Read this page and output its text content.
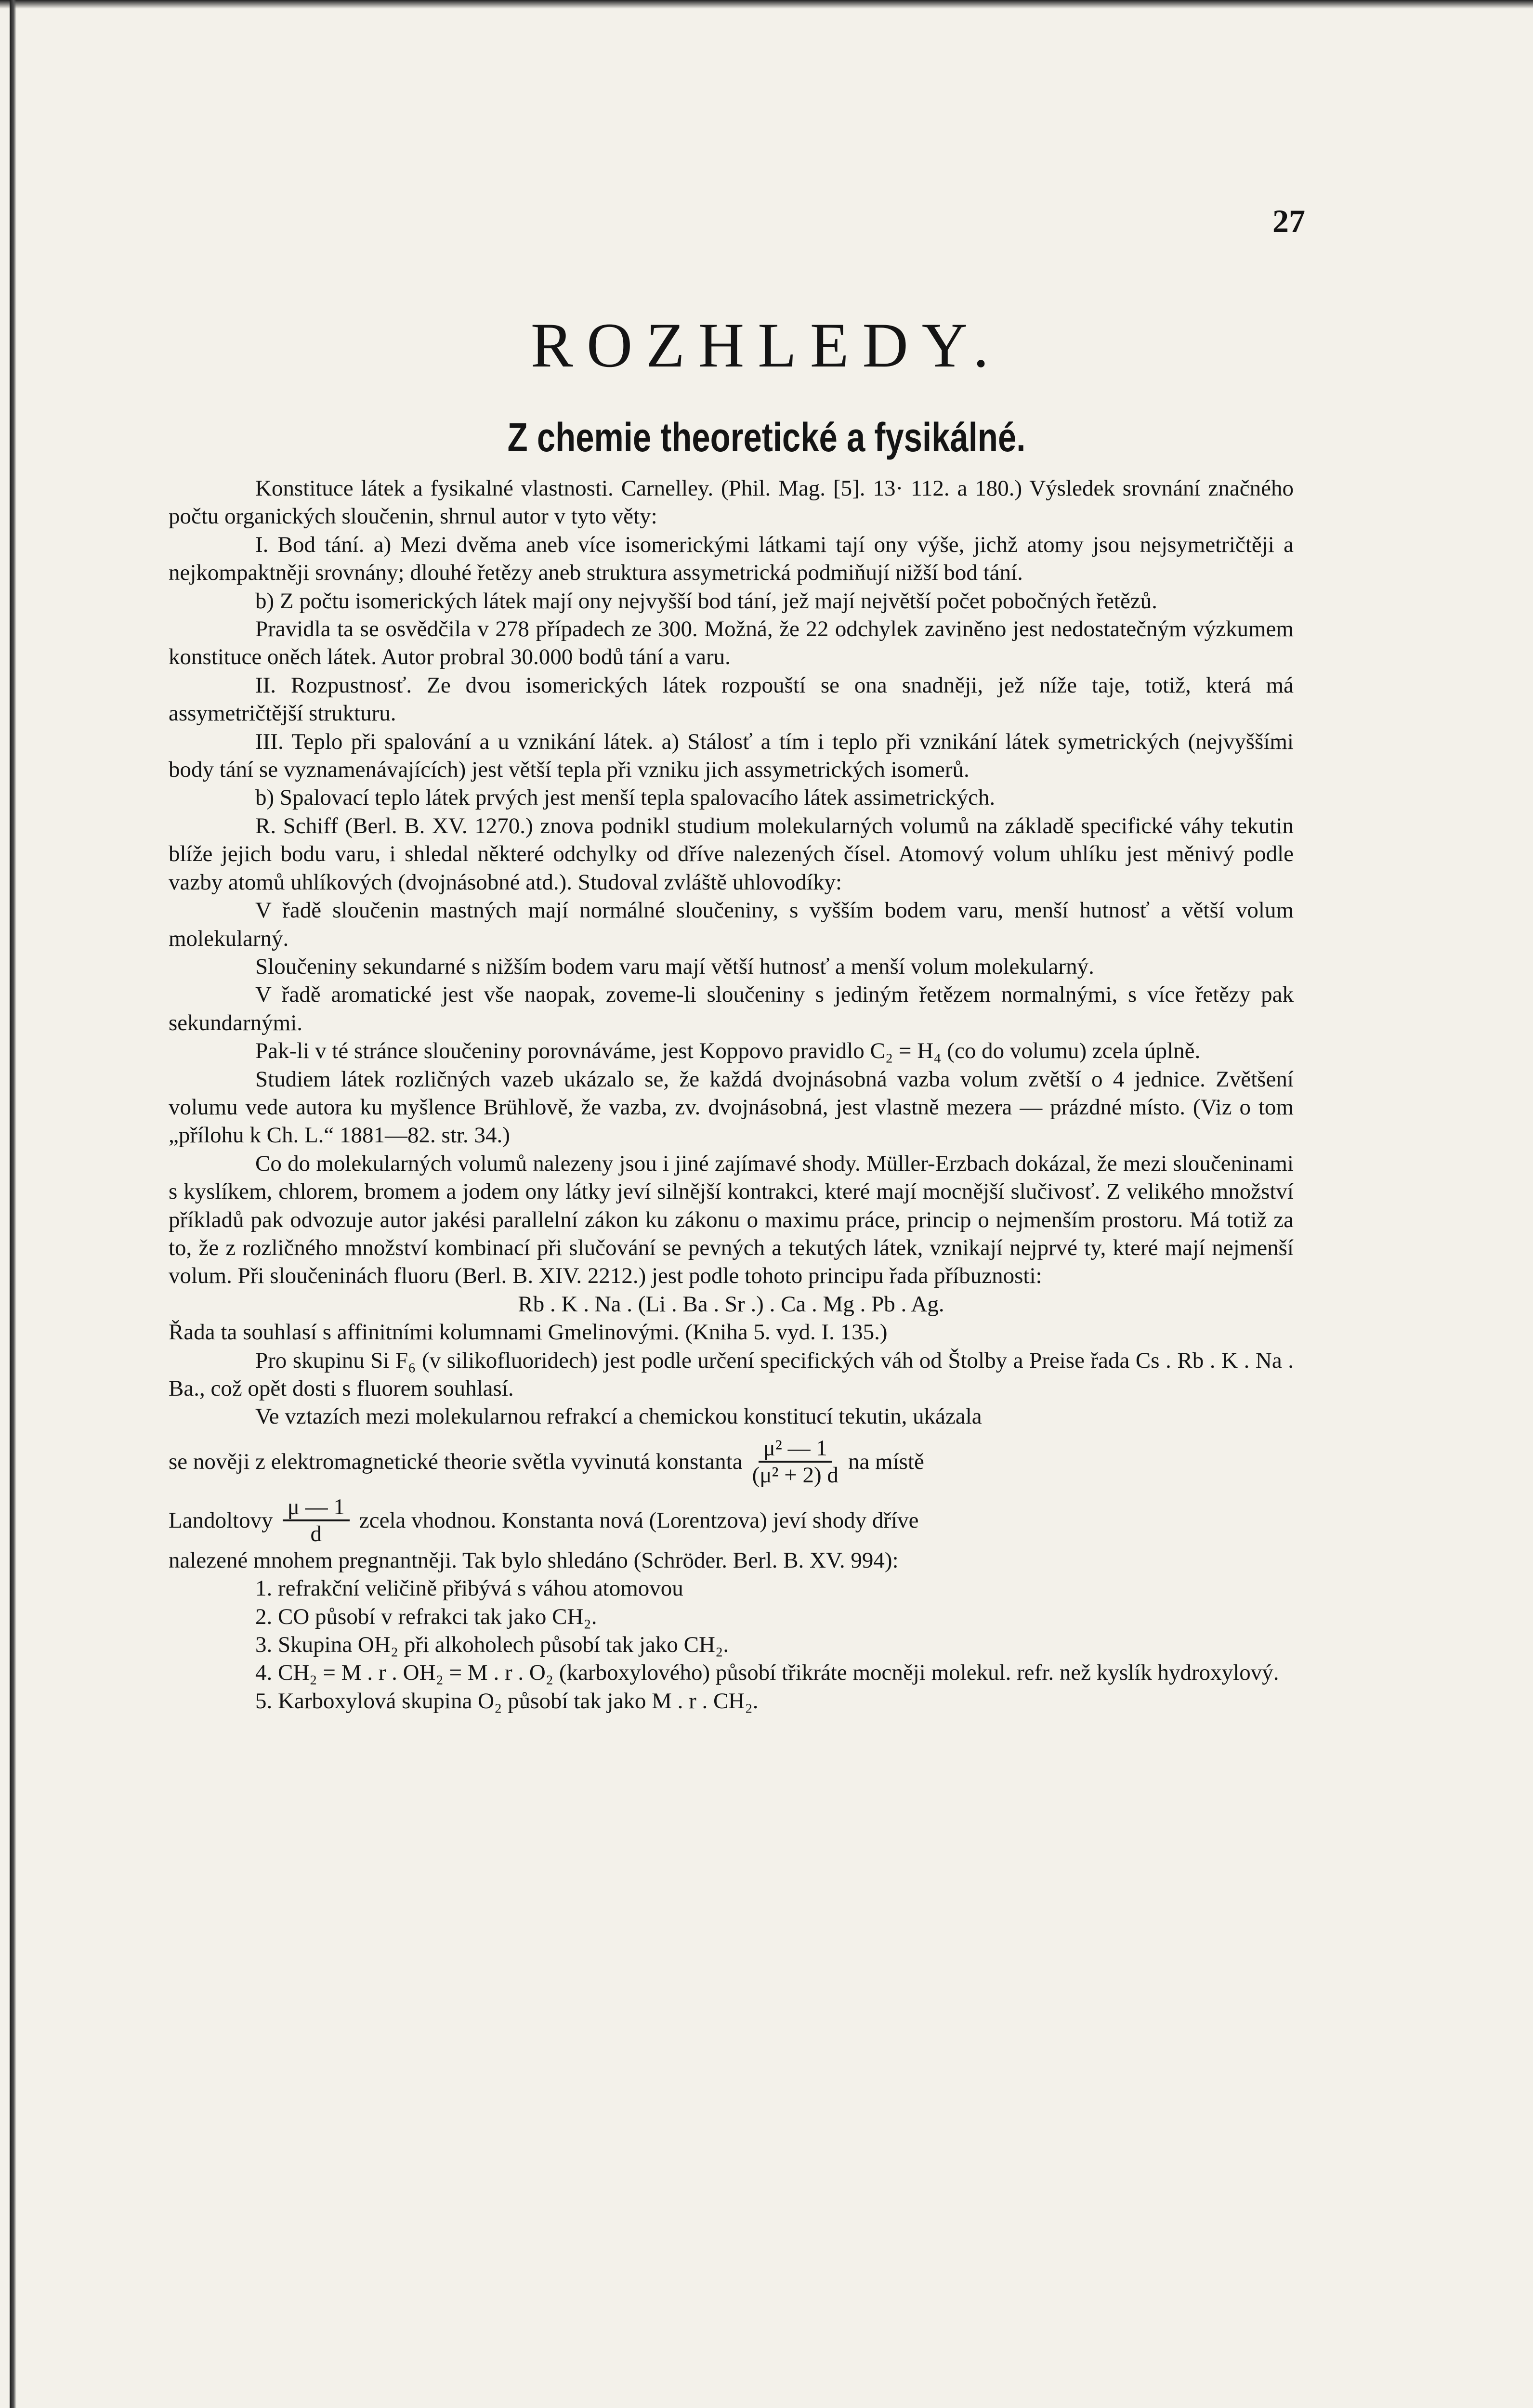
27
ROZHLEDY.
Z chemie theoretické a fysikálné.

Konstituce látek a fysikalné vlastnosti. Carnelley. (Phil. Mag. [5]. 13· 112. a 180.) Výsledek srovnání značného počtu organických sloučenin, shrnul autor v tyto věty:

I. Bod tání. a) Mezi dvěma aneb více isomerickými látkami tají ony výše, jichž atomy jsou nejsymetričtěji a nejkompaktněji srovnány; dlouhé řetězy aneb struktura assymetrická podmiňují nižší bod tání.

b) Z počtu isomerických látek mají ony nejvyšší bod tání, jež mají největší počet pobočných řetězů.

Pravidla ta se osvědčila v 278 případech ze 300. Možná, že 22 odchylek zaviněno jest nedostatečným výzkumem konstituce oněch látek. Autor probral 30.000 bodů tání a varu.

II. Rozpustnosť. Ze dvou isomerických látek rozpouští se ona snadněji, jež níže taje, totiž, která má assymetričtější strukturu.

III. Teplo při spalování a u vznikání látek. a) Stálosť a tím i teplo při vznikání látek symetrických (nejvyššími body tání se vyznamenávajících) jest větší tepla při vzniku jich assymetrických isomerů.

b) Spalovací teplo látek prvých jest menší tepla spalovacího látek assimetrických.

R. Schiff (Berl. B. XV. 1270.) znova podnikl studium molekularných volumů na základě specifické váhy tekutin blíže jejich bodu varu, i shledal některé odchylky od dříve nalezených čísel. Atomový volum uhlíku jest měnivý podle vazby atomů uhlíkových (dvojnásobné atd.). Studoval zvláště uhlovodíky:

V řadě sloučenin mastných mají normálné sloučeniny, s vyšším bodem varu, menší hutnosť a větší volum molekularný.

Sloučeniny sekundarné s nižším bodem varu mají větší hutnosť a menší volum molekularný.

V řadě aromatické jest vše naopak, zoveme-li sloučeniny s jediným řetězem normalnými, s více řetězy pak sekundarnými.

Pak-li v té stránce sloučeniny porovnáváme, jest Koppovo pravidlo C₂ = H₄ (co do volumu) zcela úplně.

Studiem látek rozličných vazeb ukázalo se, že každá dvojnásobná vazba volum zvětší o 4 jednice. Zvětšení volumu vede autora ku myšlence Brühlově, že vazba, zv. dvojnásobná, jest vlastně mezera — prázdné místo. (Viz o tom „přílohu k Ch. L.“ 1881—82. str. 34.)

Co do molekularných volumů nalezeny jsou i jiné zajímavé shody. Müller-Erzbach dokázal, že mezi sloučeninami s kyslíkem, chlorem, bromem a jodem ony látky jeví silnější kontrakci, které mají mocnější slučivosť. Z velikého množství příkladů pak odvozuje autor jakési parallelní zákon ku zákonu o maximu práce, princip o nejmenším prostoru. Má totiž za to, že z rozličného množství kombinací při slučování se pevných a tekutých látek, vznikají nejprvé ty, které mají nejmenší volum. Při sloučeninách fluoru (Berl. B. XIV. 2212.) jest podle tohoto principu řada příbuznosti:

Rb . K . Na . (Li . Ba . Sr .) . Ca . Mg . Pb . Ag.

Řada ta souhlasí s affinitními kolumnami Gmelinovými. (Kniha 5. vyd. I. 135.)

Pro skupinu Si F₆ (v silikofluoridech) jest podle určení specifických váh od Štolby a Preise řada Cs . Rb . K . Na . Ba., což opět dosti s fluorem souhlasí.

Ve vztazích mezi molekularnou refrakcí a chemickou konstitucí tekutin, ukázala

se nověji z elektromagnetické theorie světla vyvinutá konstanta $\frac{\text{μ² — 1}}{\text{(μ² + 2) d}}$ na místě
Landoltovy $\frac{\mu — 1}{d}$ zcela vhodnou. Konstanta nová (Lorentzova) jeví shody dříve

nalezené mnohem pregnantněji. Tak bylo shledáno (Schröder. Berl. B. XV. 994):

1. refrakční veličině přibývá s váhou atomovou

2. CO působí v refrakci tak jako CH₂.

3. Skupina OH₂ při alkoholech působí tak jako CH₂.

4. CH₂ = M . r . OH₂ = M . r . O₂ (karboxylového) působí třikráte mocněji molekul. refr. než kyslík hydroxylový.

5. Karboxylová skupina O₂ působí tak jako M . r . CH₂.
